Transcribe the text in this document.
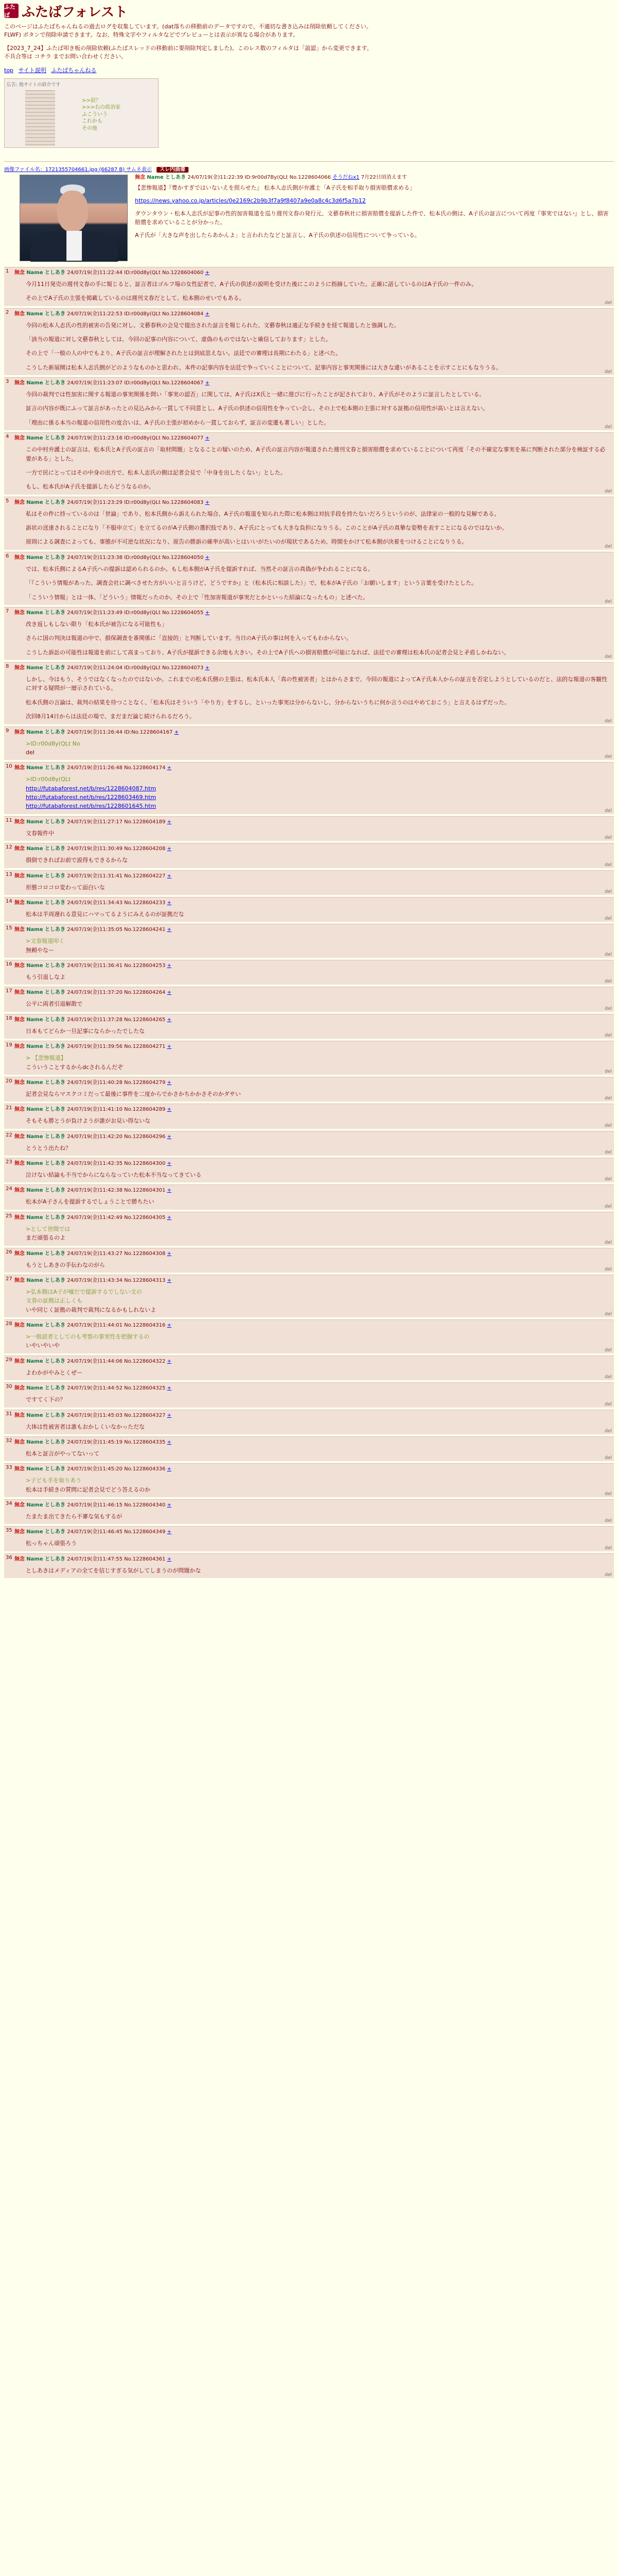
ふたば ふたばフォレスト

このページはふたばちゃんねるの過去ログを収集しています。(dat落ちの移動前のデータですので、不適切な書き込みは削除依頼してください。FLWF) ボタンで削除申請できます。なお、特殊文字やフィルタなどでプレビューとは表示が異なる場合があります。

【2023_7_24】ふたば叩き板の削除依頼(ふたばスレッドの移動前に要削除判定しました)。このレス数のフィルタは「誼認」から変更できます。不具合等は コチラ までお問い合わせください。

top サイト説明 ふたばちゃんねる
広告: 他サイトの紹介です
>>涙？
>>>右の政治家
ふこういう
これかも
その他
画像ファイル名：1721355704661.jpg (66287 B) サムネ表示 スレ内画像
無念 Name としあき 24/07/19(金)11:22:39 ID:9r00d7By(QLt No.1228604066 そうだねx1 7月22日頃消えます

【悲惨報道】『豊かすぎではいないえを照らせた』 松本人志氏側が弁護士「A子氏を相手取り損害賠償求める」

https://news.yahoo.co.jp/articles/0e2169c2b9b3f7a9f8407a9e0a8c4c3d6f5a7b12

ダウンタウン・松本人志氏が記事の性的加害報道を巡り週刊文春の発行元、文藝春秋社に損害賠償を提訴した件で、松本氏の側は、A子氏の証言について再度『事実ではない』とし、損害賠償を求めていることが分かった。

A子氏が「大きな声を出したらあかんよ」と言われたなどと証言し、A子氏の供述の信用性について争っている。

1 無念 Name としあき 24/07/19(金)11:22:44 ID:r00d8y(QLt No.1228604060 +

今月11日発売の週刊文春の手に報じると、証言者はゴルフ場の女性記者で、A子氏の供述の説明を受けた後にこのように指摘していた。正確に話しているのはA子氏の一件のみ。

その上でA子氏の主張を掲載しているのは週刊文春だとして、松本側のせいでもある。

del
2 無念 Name としあき 24/07/19(金)11:22:53 ID:r00d8y(QLt No.1228604084 +

今回の松本人志氏の性的被害の告発に対し、文藝春秋の会見で提出された証言を報じられた、文藝春秋は適正な手続きを経て報道したと強調した。

「該当の報道に対し文藝春秋としては、今回の記事の内容について、虚偽のものではないと確信しております」とした。

その上で「一般の人の中でもより、A子氏の証言が理解されたとは到底思えない。法廷での審理は長期にわたる」と述べた。

こうした新展開は松本人志氏側がどのようなものかと思われ、本件の記事内容を法廷で争っていくことについて、記事内容と事実関係には大きな違いがあることを示すことにもなりうる。

del
3 無念 Name としあき 24/07/19(金)11:23:07 ID:r00d8y(QLt No.1228604067 +

今回の裁判では性加害に関する報道の事実関係を問い「事実の認否」に関しては、A子氏はX氏と一緒に遊びに行ったことが記されており、A子氏がそのように証言したとしている。

証言の内容が既にふって証言があったとの見込みから一貫して不同意とし、A子氏の供述の信用性を争ってい会し、その上で松本側の主張に対する証拠の信用性が高いとは言えない。

「理由に係る本当の報道の信用性の度合いは、A子氏の主張が初めから一貫しておらず、証言の変遷も著しい」とした。

del
4 無念 Name としあき 24/07/19(金)11:23:16 ID:r00d8y(QLt No.1228604077 +

この中村弁護士の証言は、松本氏とA子氏の証言の「取材問題」となることの疑いのため、A子氏の証言内容が報道された週刊文春と損害賠償を求めていることについて再度「その不確定な事実を基に判断された部分を検証する必要がある」とした。

一方で民にとってはその中身の出方で、松本人志氏の側は記者会見で「中身を出したくない」とした。

もし、松本氏がA子氏を提訴したらどうなるのか。

del
5 無念 Name としあき 24/07/19(金)11:23:29 ID:r00d8y(QLt No.1228604083 +

私はその件に持っているのは「世論」であり、松本氏側から訴えられた場合、A子氏の報道を知られた際に松本側は対抗手段を持たないだろうというのが、法律家の一般的な見解である。

訴状の送達されることになり「不服申立て」を立てるのがA子氏側の選択肢であり、A子氏にとっても大きな負担になりうる。このことがA子氏の真摯な姿勢を表すことになるのではないか。

原則による調査によっても、事態が不可逆な状況になり、原告の勝訴の確率が高いとはいいがたいのが現状であるため、時間をかけて松本側が決着をつけることになりうる。

del
6 無念 Name としあき 24/07/19(金)11:23:38 ID:r00d8y(QLt No.1228604050 +

では、松本氏側によるA子氏への提訴は認められるのか。もし松本側がA子氏を提訴すれば、当然その証言の真偽が争われることになる。

「『こういう情報があった、調査会社に調べさせた方がいいと言うけど、どうですか』と（松本氏に相談した）」で、松本がA子氏の「お願いします」という言葉を受けたとした。

「こういう情報」とは一体、「どういう」情報だったのか。その上で「性加害報道が事実だとかといった結論になったもの」と述べた。

del
7 無念 Name としあき 24/07/19(金)11:23:49 ID:r00d8y(QLt No.1228604055 +

改き返しもしない限り「松本氏が被告になる可能性も」

さらに国の判決は報道の中で、損保調査を番関係に「直接的」と判断しています。当日のA子氏の事は何を入ってもわからない。

こうした訴訟の可能性は報道を前にして高まっており、A子氏が提訴できる余地も大きい。その上でA子氏への損害賠償が可能になれば、法廷での審理は松本氏の記者会見と矛盾しかねない。

del
8 無念 Name としあき 24/07/19(金)11:24:04 ID:r00d8y(QLt No.1228604073 +

しかし、今はもう、そうではなくなったのではないか。これまでの松本氏側の主張は、松本氏本人「真の性被害者」とはからさまで、今回の報道によってA子氏本人からの証言を否定しようとしているのだと、法的な報道の客観性に対する疑問が一層示されている。

松本氏側の言論は、裁判の結果を待つことなく、「松本氏はそういう「やり方」をするし、といった事実は分からないし、分からないうちに何か言うのはやめておこう」と言えるはずだった。

次回8月14日からは法廷の場で、まだまだ論じ続けられるだろう。

del
9 無念 Name としあき 24/07/19(金)11:26:44 ID:No.1228604167 +
>ID:r00d8y(QLt No

del

del
10 無念 Name としあき 24/07/19(金)11:26:48 No.1228604174 +
>ID:r00d8y(QLt
http://futabaforest.net/b/res/1228604087.htm
http://futabaforest.net/b/res/1228603469.htm
http://futabaforest.net/b/res/1228601645.htm
del
11 無念 Name としあき 24/07/19(金)11:27:17 No.1228604189 +

文春報件中

del
12 無念 Name としあき 24/07/19(金)11:30:49 No.1228604208 +

損倒できればお前で説得もできるからな

del
13 無念 Name としあき 24/07/19(金)11:31:41 No.1228604227 +

形態コロコロ変わって面白いな

del
14 無念 Name としあき 24/07/19(金)11:34:43 No.1228604233 +

松本は半周遅れる意見にハマってるようにみえるのが証拠だな

del
15 無念 Name としあき 24/07/19(金)11:35:05 No.1228604241 +
>文春報道叩く

無頼やなー

del
16 無念 Name としあき 24/07/19(金)11:36:41 No.1228604253 +

もう引退しなよ

del
17 無念 Name としあき 24/07/19(金)11:37:20 No.1228604264 +

公平に両者引退解散で

del
18 無念 Name としあき 24/07/19(金)11:37:28 No.1228604265 +

日本もてどらか一旦記事にならかったでしたな

del
19 無念 Name としあき 24/07/19(金)11:39:56 No.1228604271 +
> 【悲惨報道】

こういうことするからdcされるんだぞ

del
20 無念 Name としあき 24/07/19(金)11:40:28 No.1228604279 +

記者会見ならマスクコミだって最後に事件を二度からでかさかちかかさそのかダサい

del
21 無念 Name としあき 24/07/19(金)11:41:10 No.1228604289 +

そもそも勝とうが負けようが誰がお見い得ないな

del
22 無念 Name としあき 24/07/19(金)11:42:20 No.1228604296 +

とうとう出たね？

del
23 無念 Name としあき 24/07/19(金)11:42:35 No.1228604300 +

泣けない結論も不当でからにならなっていた松本不当なってきている

del
24 無念 Name としあき 24/07/19(金)11:42:38 No.1228604301 +

松本がA子さんを提訴するでしょうことで勝ちたい

del
25 無念 Name としあき 24/07/19(金)11:42:49 No.1228604305 +
>として世間では

まだ頑張るのよ

del
26 無念 Name としあき 24/07/19(金)11:43:27 No.1228604308 +

もうとしあきの手伝わなのがら

del
27 無念 Name としあき 24/07/19(金)11:43:34 No.1228604313 +
>弘本側はA子が嘘だで提訴するでしない文の
文春の証拠は正しくも

いや同じく証拠の裁判で裁判になるかもしれないよ

del
28 無念 Name としあき 24/07/19(金)11:44:01 No.1228604316 +
>一般読者としてのも考察の事実性を把握するの

いやいやいや

del
29 無念 Name としあき 24/07/19(金)11:44:06 No.1228604322 +

よわかがやみとくぜー

del
30 無念 Name としあき 24/07/19(金)11:44:52 No.1228604325 +

ですてく下の？

del
31 無念 Name としあき 24/07/19(金)11:45:03 No.1228604327 +

大体は性被害者は誰もおかしくいなかっただな

del
32 無念 Name としあき 24/07/19(金)11:45:19 No.1228604335 +

松本と証言がやってないって

del
33 無念 Name としあき 24/07/19(金)11:45:20 No.1228604336 +
>子ども手を取りあう

松本は手続きの質問に記者会見でどう答えるのか

del
34 無念 Name としあき 24/07/19(金)11:46:15 No.1228604340 +

たまたま出てきたら不審な気もするが

del
35 無念 Name としあき 24/07/19(金)11:46:45 No.1228604349 +

松っちゃん頑張ろう

del
36 無念 Name としあき 24/07/19(金)11:47:55 No.1228604361 +

としあきはメディアの全てを信じすぎる気がしてしまうのが問題かな

del
